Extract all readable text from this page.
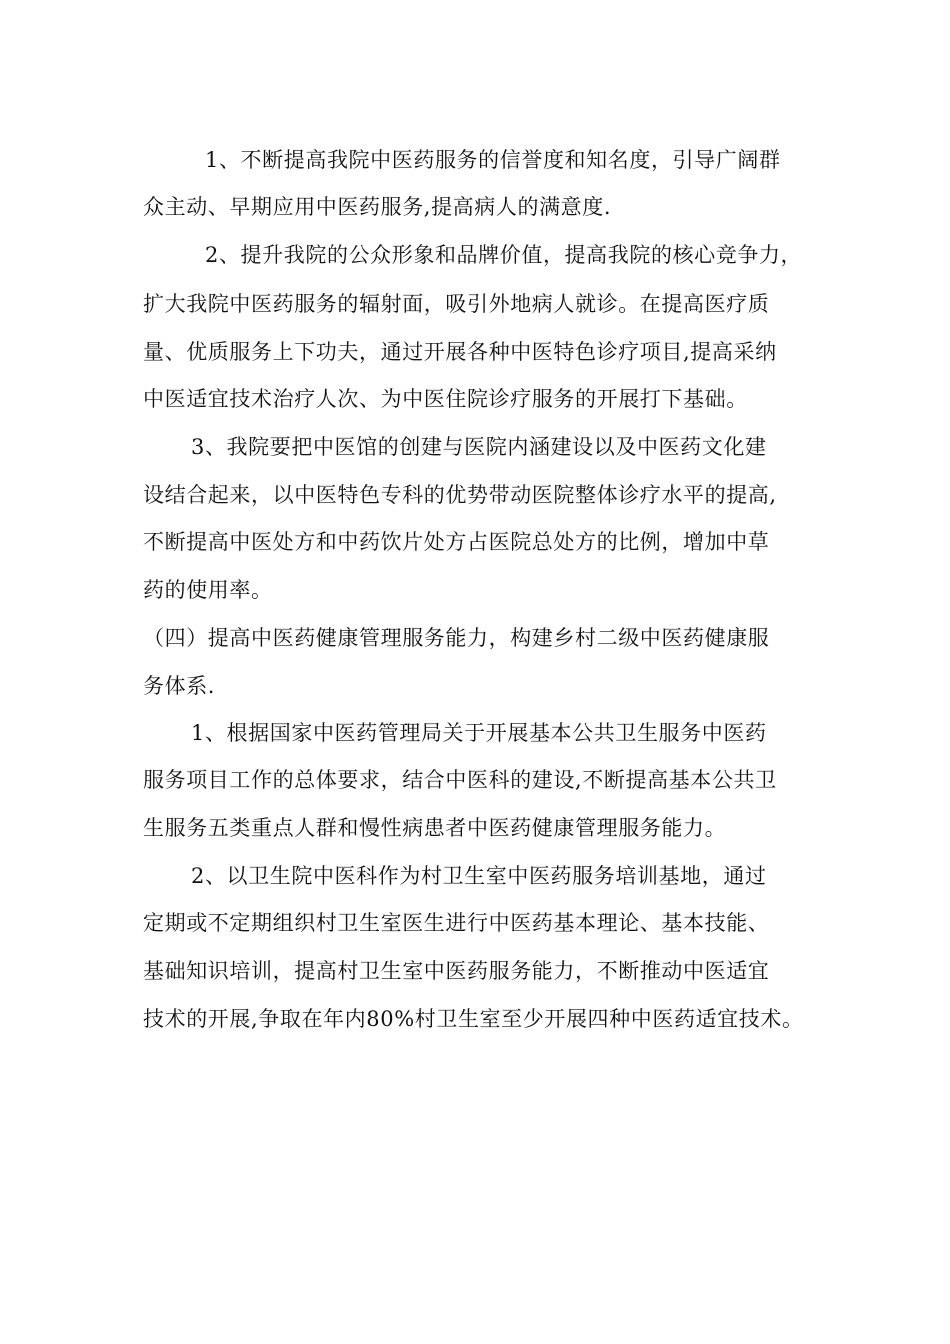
1、不断提高我院中医药服务的信誉度和知名度，引导广阔群
众主动、早期应用中医药服务,提高病人的满意度.
2、提升我院的公众形象和品牌价值，提高我院的核心竞争力，
扩大我院中医药服务的辐射面，吸引外地病人就诊。在提高医疗质
量、优质服务上下功夫，通过开展各种中医特色诊疗项目,提高采纳
中医适宜技术治疗人次、为中医住院诊疗服务的开展打下基础。
3、我院要把中医馆的创建与医院内涵建设以及中医药文化建
设结合起来，以中医特色专科的优势带动医院整体诊疗水平的提高,
不断提高中医处方和中药饮片处方占医院总处方的比例，增加中草
药的使用率。
（四）提高中医药健康管理服务能力，构建乡村二级中医药健康服
务体系.
1、根据国家中医药管理局关于开展基本公共卫生服务中医药
服务项目工作的总体要求，结合中医科的建设,不断提高基本公共卫
生服务五类重点人群和慢性病患者中医药健康管理服务能力。
2、以卫生院中医科作为村卫生室中医药服务培训基地，通过
定期或不定期组织村卫生室医生进行中医药基本理论、基本技能、
基础知识培训，提高村卫生室中医药服务能力，不断推动中医适宜
技术的开展,争取在年内80%村卫生室至少开展四种中医药适宜技术。
